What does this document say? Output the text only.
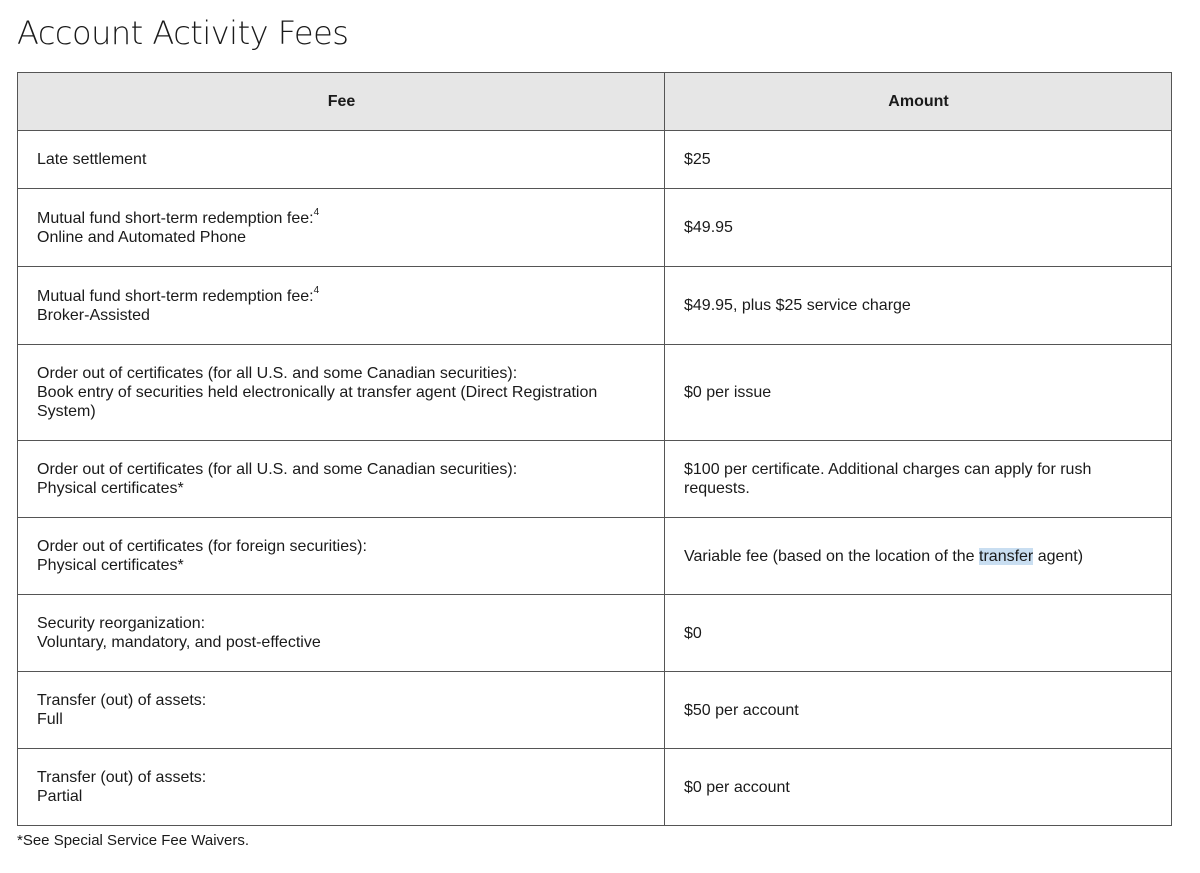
Account Activity Fees
Fee	Amount

Late settlement	$25

Mutual fund short-term redemption fee:$^4$
Online and Automated Phone	$49.95

Mutual fund short-term redemption fee:$^4$
Broker-Assisted	$49.95, plus $25 service charge

Order out of certificates (for all U.S. and some Canadian securities):
Book entry of securities held electronically at transfer agent (Direct Registration System)	$0 per issue

Order out of certificates (for all U.S. and some Canadian securities):
Physical certificates*	$100 per certificate. Additional charges can apply for rush requests.

Order out of certificates (for foreign securities):
Physical certificates*	Variable fee (based on the location of the transfer agent)

Security reorganization:
Voluntary, mandatory, and post-effective	$0

Transfer (out) of assets:
Full	$50 per account

Transfer (out) of assets:
Partial	$0 per account
*See Special Service Fee Waivers.
